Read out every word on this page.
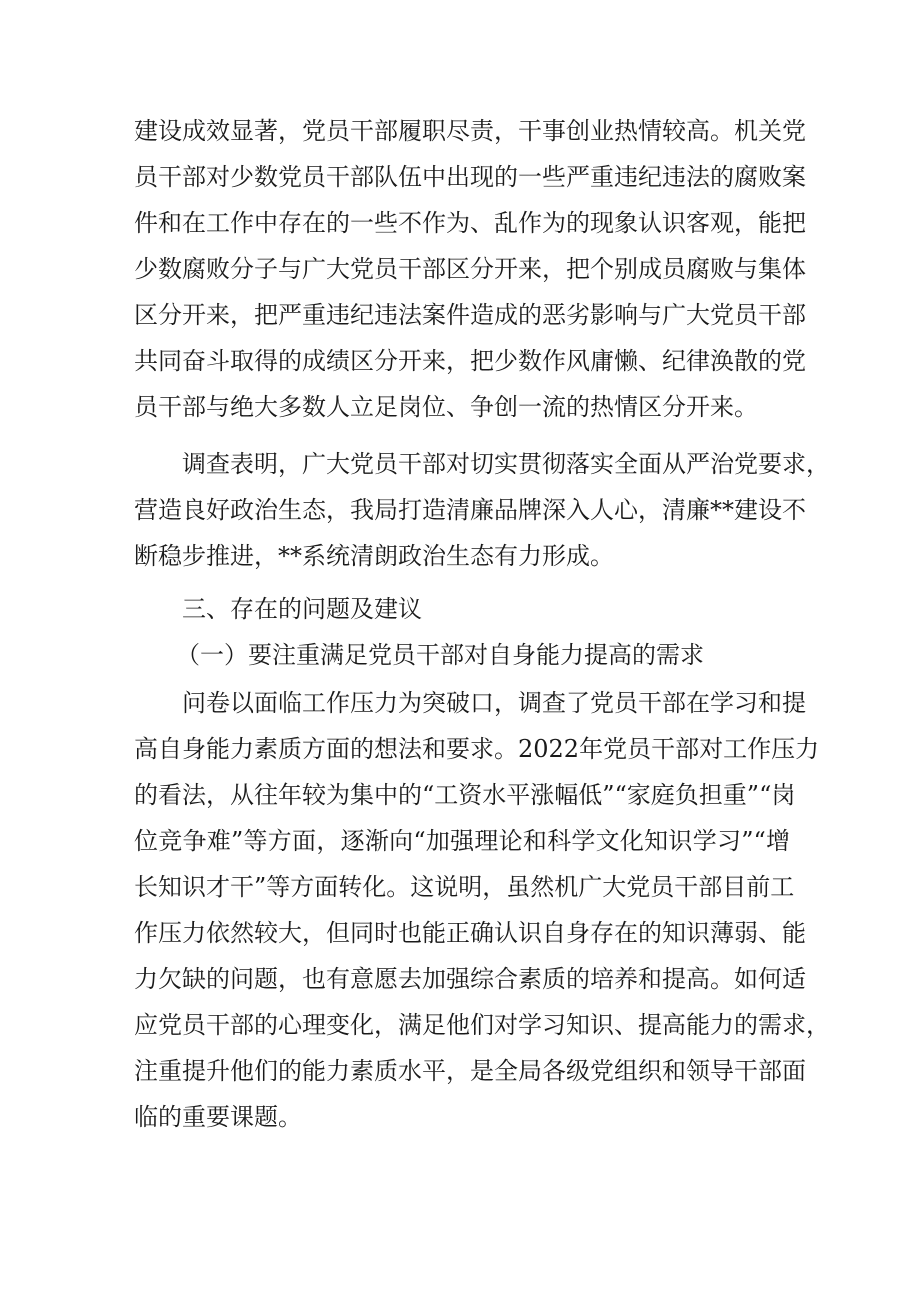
建设成效显著，党员干部履职尽责，干事创业热情较高。机关党
员干部对少数党员干部队伍中出现的一些严重违纪违法的腐败案
件和在工作中存在的一些不作为、乱作为的现象认识客观，能把
少数腐败分子与广大党员干部区分开来，把个别成员腐败与集体
区分开来，把严重违纪违法案件造成的恶劣影响与广大党员干部
共同奋斗取得的成绩区分开来，把少数作风庸懒、纪律涣散的党
员干部与绝大多数人立足岗位、争创一流的热情区分开来。
调查表明，广大党员干部对切实贯彻落实全面从严治党要求，
营造良好政治生态，我局打造清廉品牌深入人心，清廉**建设不
断稳步推进，**系统清朗政治生态有力形成。
三、存在的问题及建议
（一）要注重满足党员干部对自身能力提高的需求
问卷以面临工作压力为突破口，调查了党员干部在学习和提
高自身能力素质方面的想法和要求。2022年党员干部对工作压力
的看法，从往年较为集中的“工资水平涨幅低”“家庭负担重”“岗
位竞争难”等方面，逐渐向“加强理论和科学文化知识学习”“增
长知识才干”等方面转化。这说明，虽然机广大党员干部目前工
作压力依然较大，但同时也能正确认识自身存在的知识薄弱、能
力欠缺的问题，也有意愿去加强综合素质的培养和提高。如何适
应党员干部的心理变化，满足他们对学习知识、提高能力的需求，
注重提升他们的能力素质水平，是全局各级党组织和领导干部面
临的重要课题。
